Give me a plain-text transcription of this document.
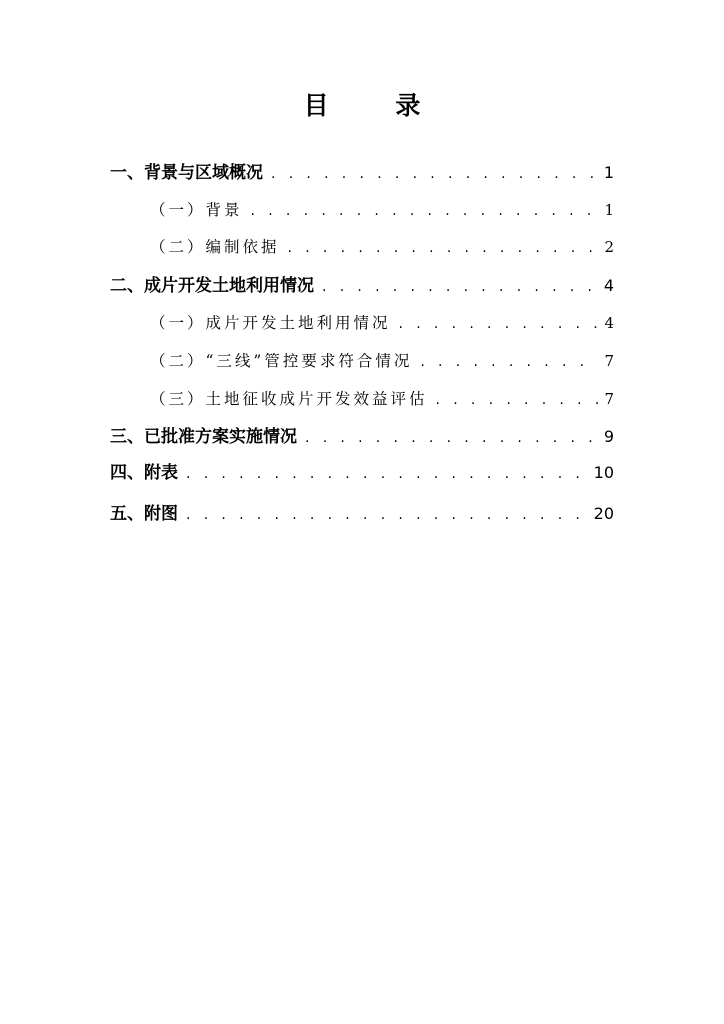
目 录
一、背景与区域概况 . . .	1
（一）背景 . . .	1
（二）编制依据 . . .	2
二、成片开发土地利用情况 . . .	4
（一）成片开发土地利用情况 . . .	4
（二）“三线”管控要求符合情况 . . .	7
（三）土地征收成片开发效益评估 . . .	7
三、已批准方案实施情况 . . .	9
四、附表 . . .	10
五、附图 . . .	20
